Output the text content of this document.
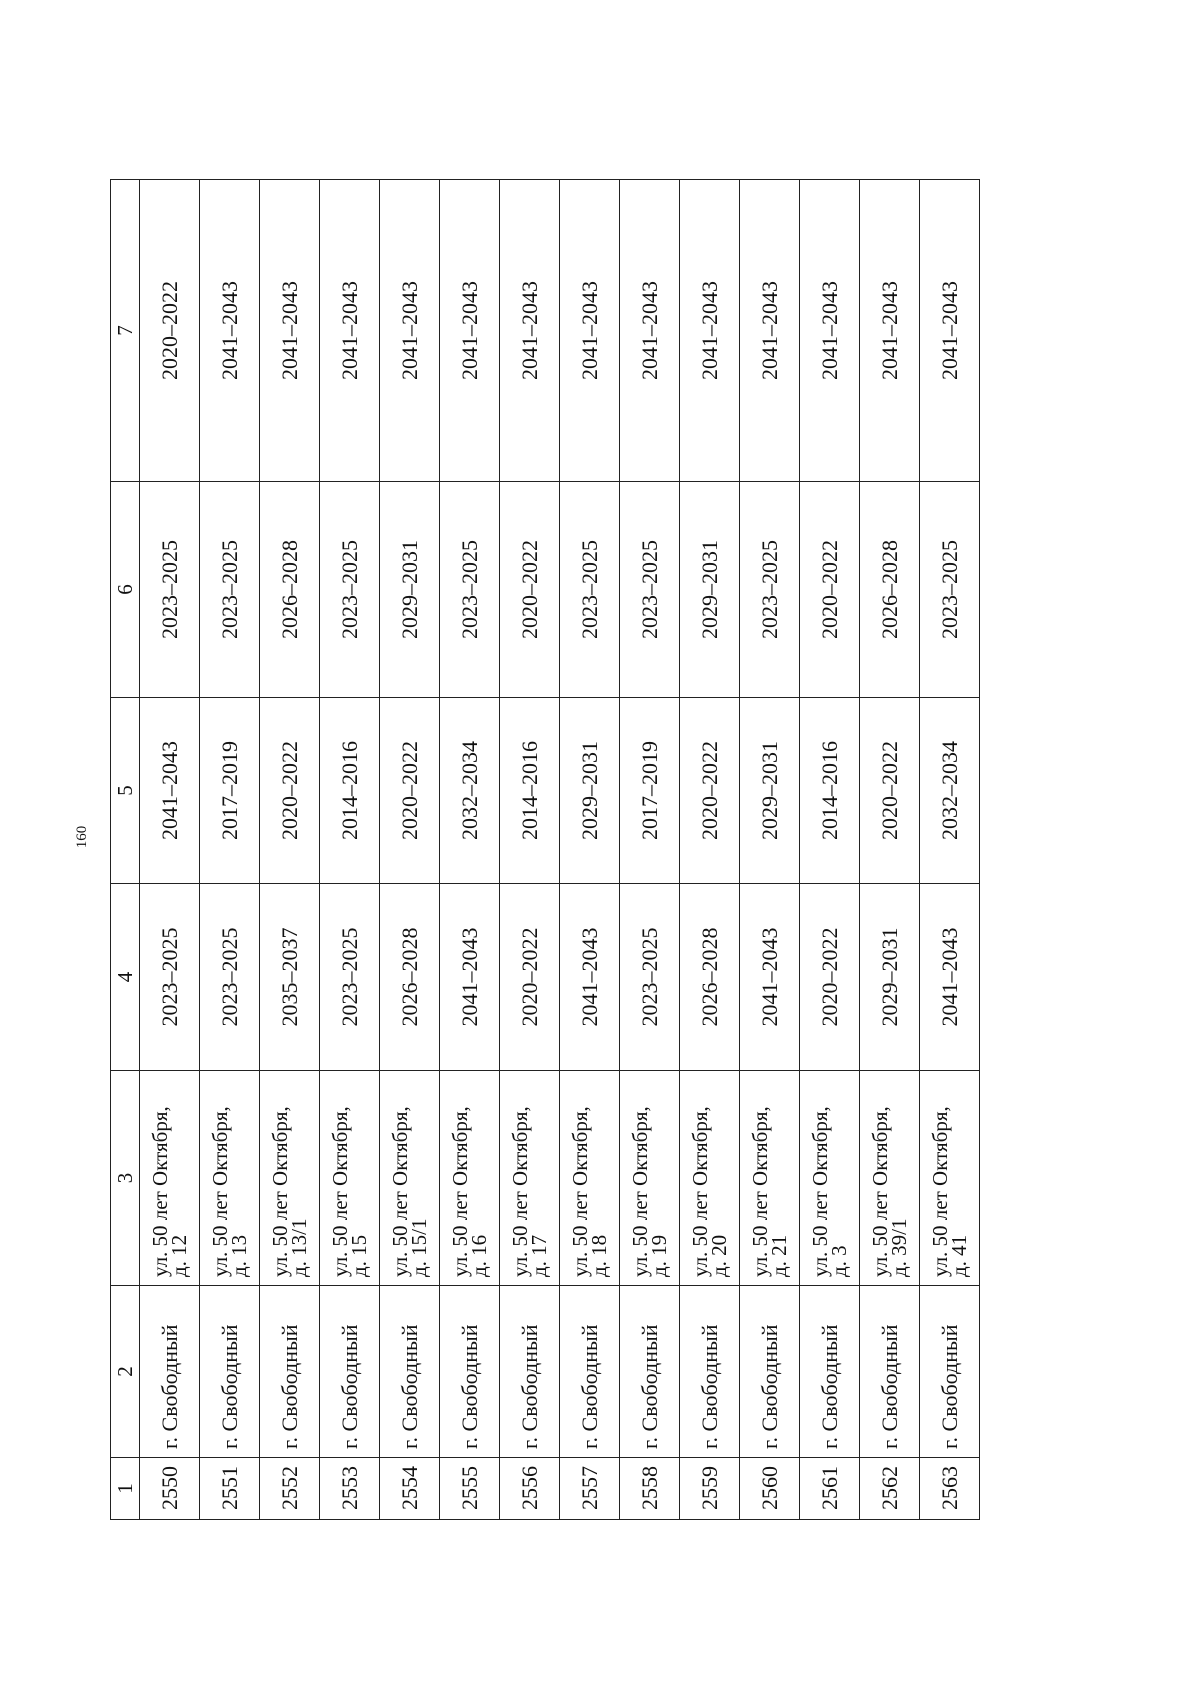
160
1	2	3	4	5	6	7
2550	г. Свободный	ул. 50 лет Октября,
д. 12	2023–2025	2041–2043	2023–2025	2020–2022
2551	г. Свободный	ул. 50 лет Октября,
д. 13	2023–2025	2017–2019	2023–2025	2041–2043
2552	г. Свободный	ул. 50 лет Октября,
д. 13/1	2035–2037	2020–2022	2026–2028	2041–2043
2553	г. Свободный	ул. 50 лет Октября,
д. 15	2023–2025	2014–2016	2023–2025	2041–2043
2554	г. Свободный	ул. 50 лет Октября,
д. 15/1	2026–2028	2020–2022	2029–2031	2041–2043
2555	г. Свободный	ул. 50 лет Октября,
д. 16	2041–2043	2032–2034	2023–2025	2041–2043
2556	г. Свободный	ул. 50 лет Октября,
д. 17	2020–2022	2014–2016	2020–2022	2041–2043
2557	г. Свободный	ул. 50 лет Октября,
д. 18	2041–2043	2029–2031	2023–2025	2041–2043
2558	г. Свободный	ул. 50 лет Октября,
д. 19	2023–2025	2017–2019	2023–2025	2041–2043
2559	г. Свободный	ул. 50 лет Октября,
д. 20	2026–2028	2020–2022	2029–2031	2041–2043
2560	г. Свободный	ул. 50 лет Октября,
д. 21	2041–2043	2029–2031	2023–2025	2041–2043
2561	г. Свободный	ул. 50 лет Октября,
д. 3	2020–2022	2014–2016	2020–2022	2041–2043
2562	г. Свободный	ул. 50 лет Октября,
д. 39/1	2029–2031	2020–2022	2026–2028	2041–2043
2563	г. Свободный	ул. 50 лет Октября,
д. 41	2041–2043	2032–2034	2023–2025	2041–2043
